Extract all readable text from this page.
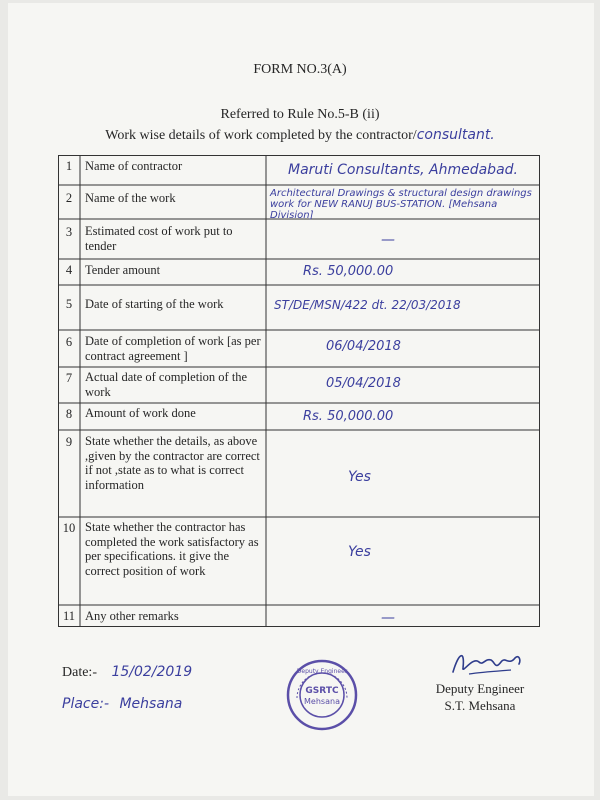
FORM NO.3(A)
Referred to Rule No.5-B (ii)
Work wise details of work completed by the contractor/consultant.
1
2
3
4
5
6
7
8
9
10
11
Name of contractor
Name of the work
Estimated cost of work put to tender
Tender amount
Date of starting of the work
Date of completion of work [as per contract agreement ]
Actual date of completion of the work
Amount of work done
State whether the details, as above ,given by the contractor are correct if not ,state as to what is correct information
State whether the contractor has completed the work satisfactory as per specifications. it give the correct position of work
Any other remarks
Maruti Consultants, Ahmedabad.
Architectural Drawings & structural design drawings work for NEW RANUJ BUS-STATION. [Mehsana Division]
—
Rs. 50,000.00
ST/DE/MSN/422 dt. 22/03/2018
06/04/2018
05/04/2018
Rs. 50,000.00
Yes
Yes
—
Date:- 15/02/2019
Place:- Mehsana
GSRTC
Mehsana
Deputy Engineer
Deputy Engineer
S.T. Mehsana
